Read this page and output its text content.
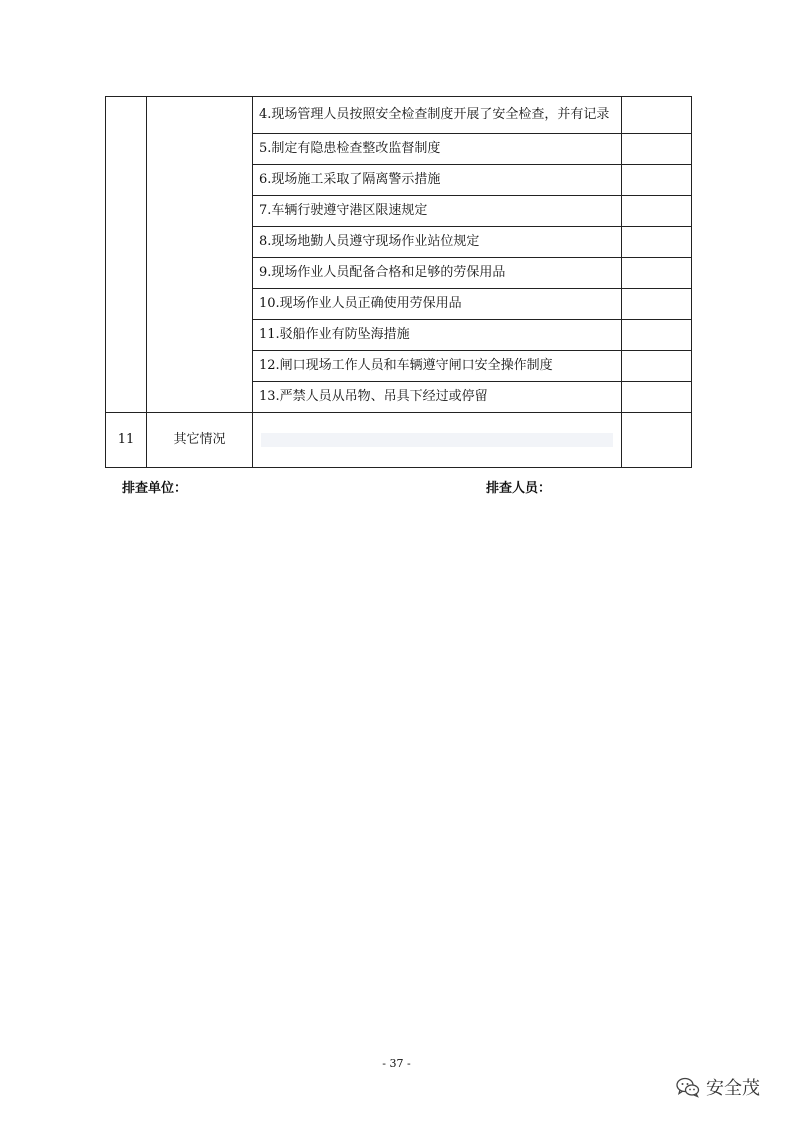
		4.现场管理人员按照安全检查制度开展了安全检查，并有记录	
		5.制定有隐患检查整改监督制度	
		6.现场施工采取了隔离警示措施	
		7.车辆行驶遵守港区限速规定	
		8.现场地勤人员遵守现场作业站位规定	
		9.现场作业人员配备合格和足够的劳保用品	
		10.现场作业人员正确使用劳保用品	
		11.驳船作业有防坠海措施	
		12.闸口现场工作人员和车辆遵守闸口安全操作制度	
		13.严禁人员从吊物、吊具下经过或停留	
11	其它情况	

排查单位：	排查人员：
- 37 -
安全茂
